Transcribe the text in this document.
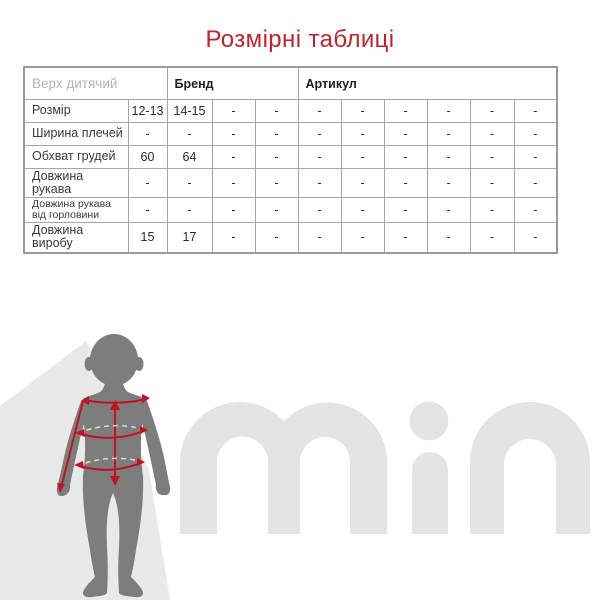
Розмірні таблиці
Верх дитячий		Бренд			Артикул					
Розмір	12-13	14-15	-	-	-	-	-	-	-	-
Ширина плечей	-	-	-	-	-	-	-	-	-	-
Обхват грудей	60	64	-	-	-	-	-	-	-	-
Довжина рукава	-	-	-	-	-	-	-	-	-	-
Довжина рукава від горловини	-	-	-	-	-	-	-	-	-	-
Довжина виробу	15	17	-	-	-	-	-	-	-	-
